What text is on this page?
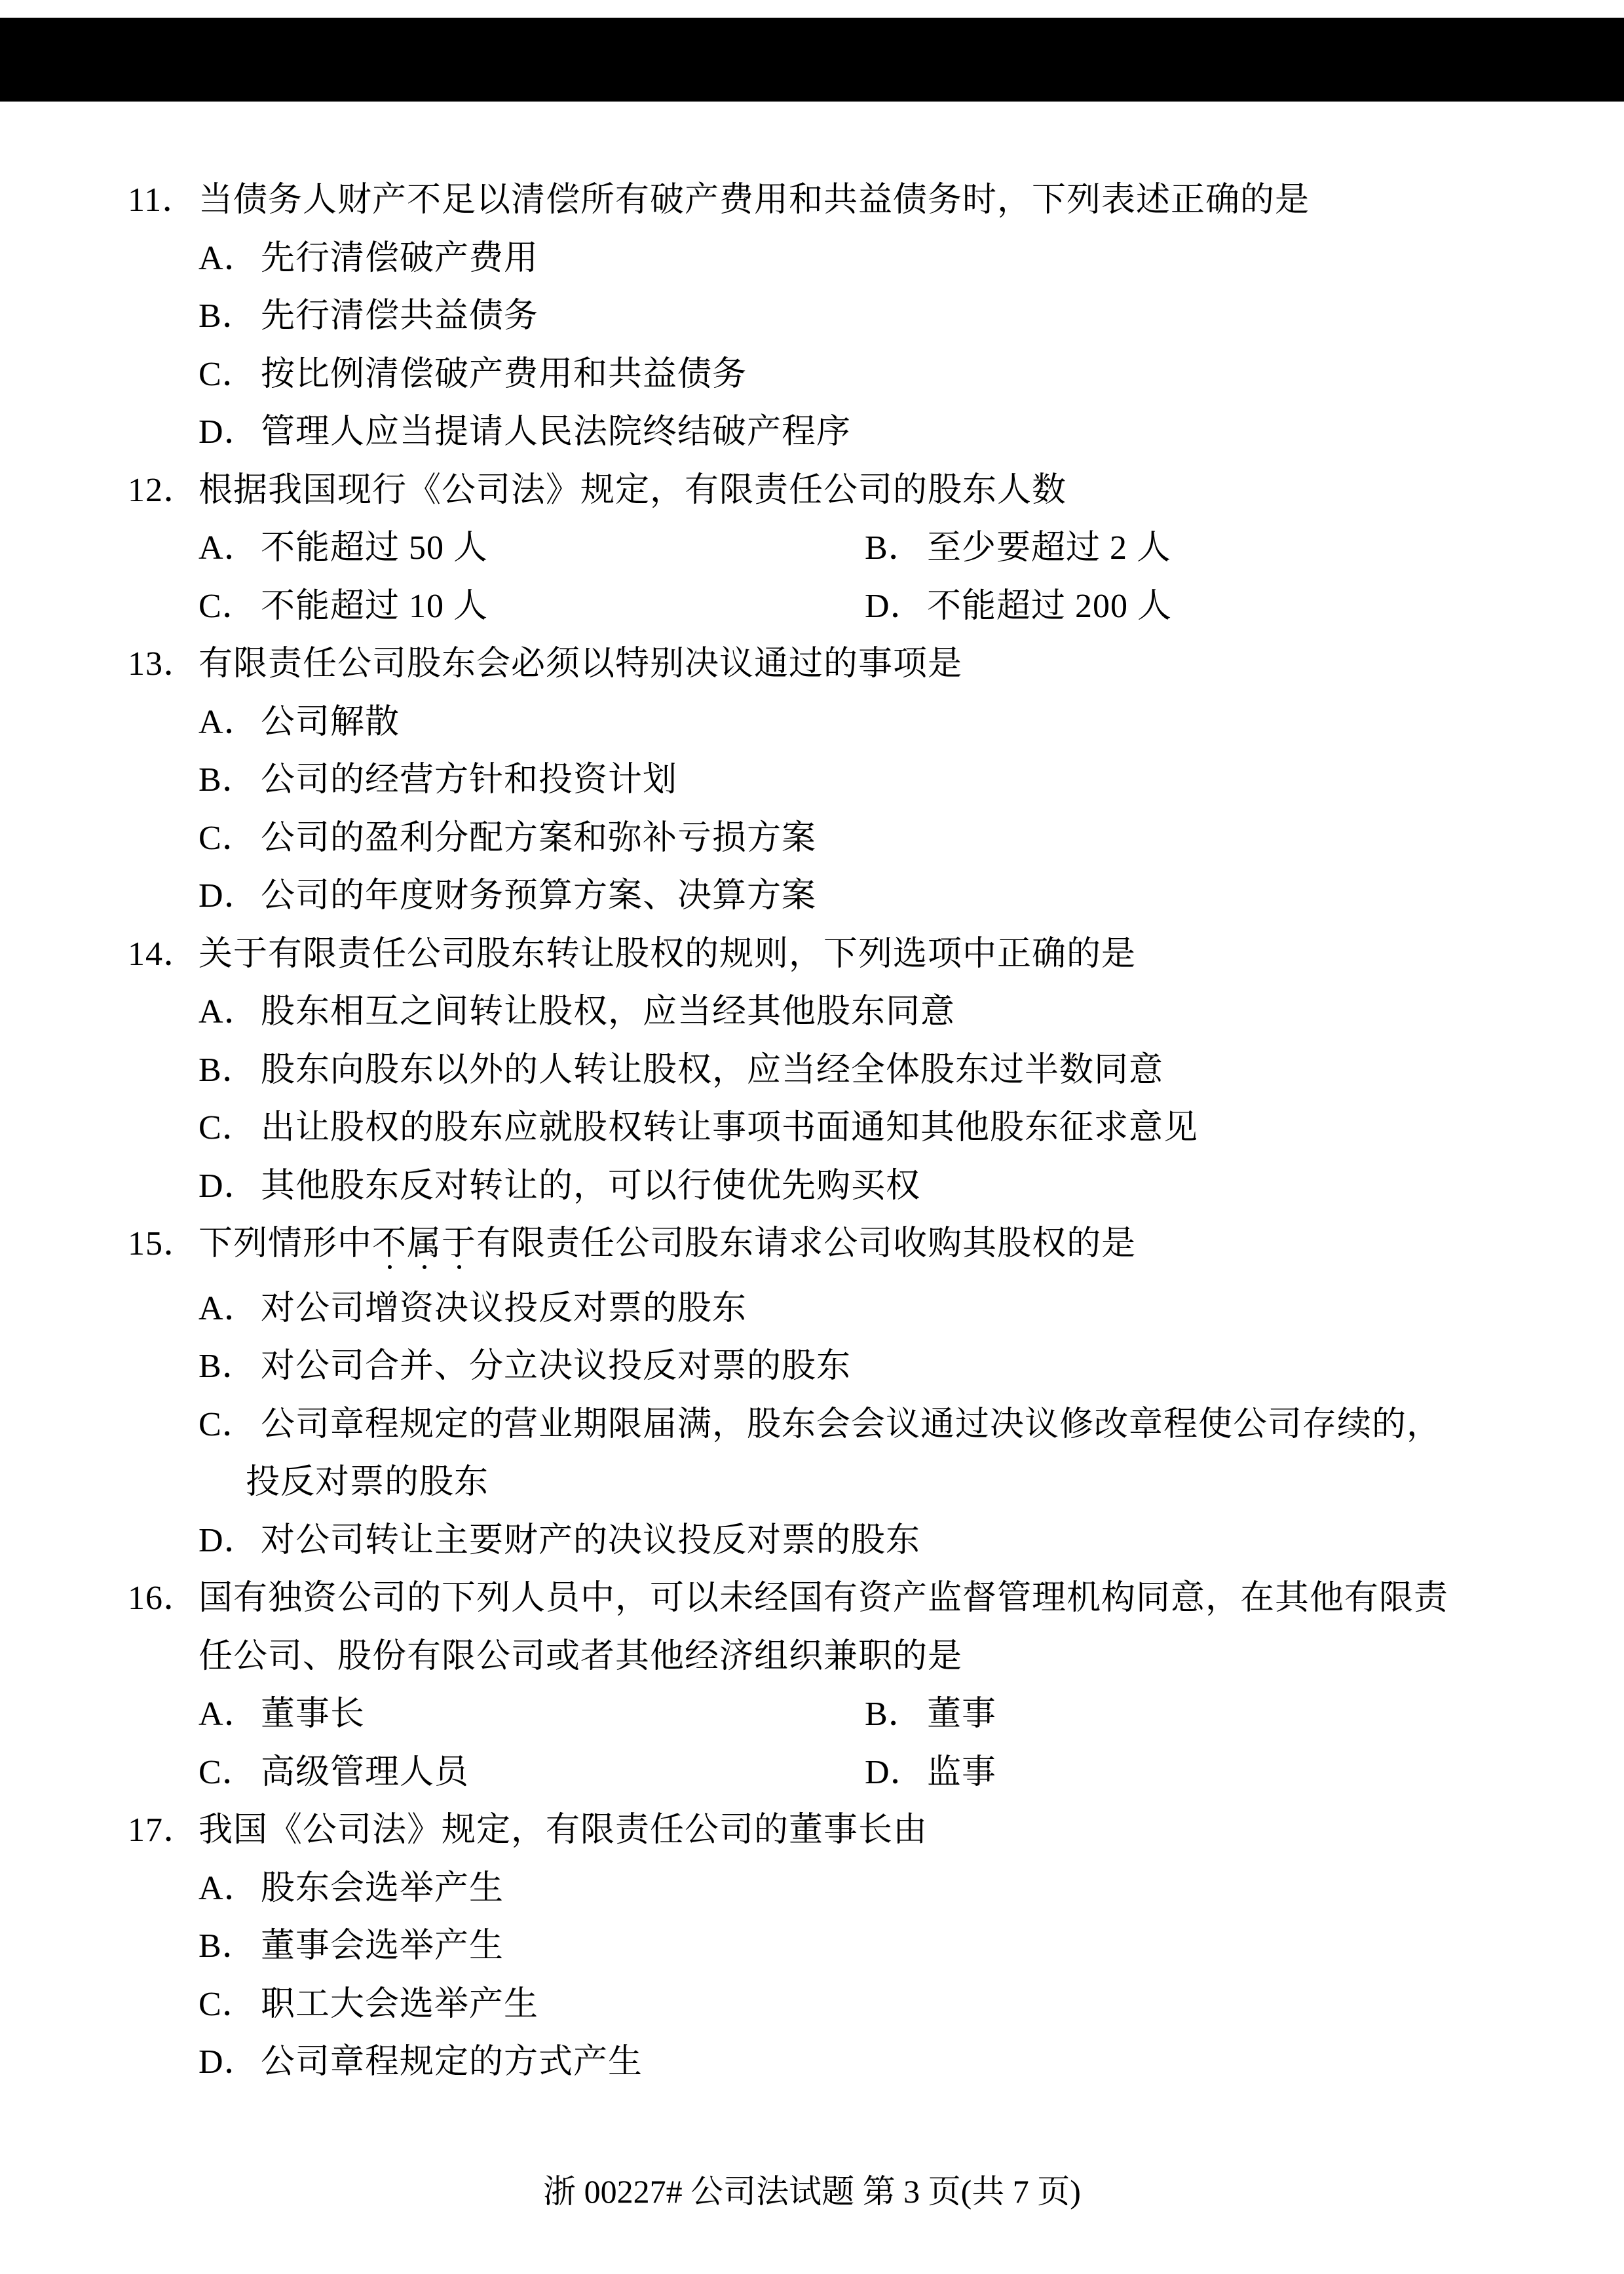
11． 当债务人财产不足以清偿所有破产费用和共益债务时，下列表述正确的是
A．先行清偿破产费用
B． 先行清偿共益债务
C． 按比例清偿破产费用和共益债务
D．管理人应当提请人民法院终结破产程序
12． 根据我国现行《公司法》规定，有限责任公司的股东人数
A．不能超过 50 人	B． 至少要超过 2 人
C． 不能超过 10 人	D．不能超过 200 人
13． 有限责任公司股东会必须以特别决议通过的事项是
A．公司解散
B． 公司的经营方针和投资计划
C． 公司的盈利分配方案和弥补亏损方案
D．公司的年度财务预算方案、决算方案
14． 关于有限责任公司股东转让股权的规则，下列选项中正确的是
A．股东相互之间转让股权，应当经其他股东同意
B． 股东向股东以外的人转让股权，应当经全体股东过半数同意
C． 出让股权的股东应就股权转让事项书面通知其他股东征求意见
D．其他股东反对转让的，可以行使优先购买权
15． 下列情形中不属于有限责任公司股东请求公司收购其股权的是
A．对公司增资决议投反对票的股东
B． 对公司合并、分立决议投反对票的股东
C． 公司章程规定的营业期限届满，股东会会议通过决议修改章程使公司存续的，
投反对票的股东
D．对公司转让主要财产的决议投反对票的股东
16． 国有独资公司的下列人员中，可以未经国有资产监督管理机构同意，在其他有限责
任公司、股份有限公司或者其他经济组织兼职的是
A．董事长	B． 董事
C． 高级管理人员	D．监事
17． 我国《公司法》规定，有限责任公司的董事长由
A．股东会选举产生
B． 董事会选举产生
C． 职工大会选举产生
D．公司章程规定的方式产生
浙 00227# 公司法试题 第 3 页(共 7 页)
